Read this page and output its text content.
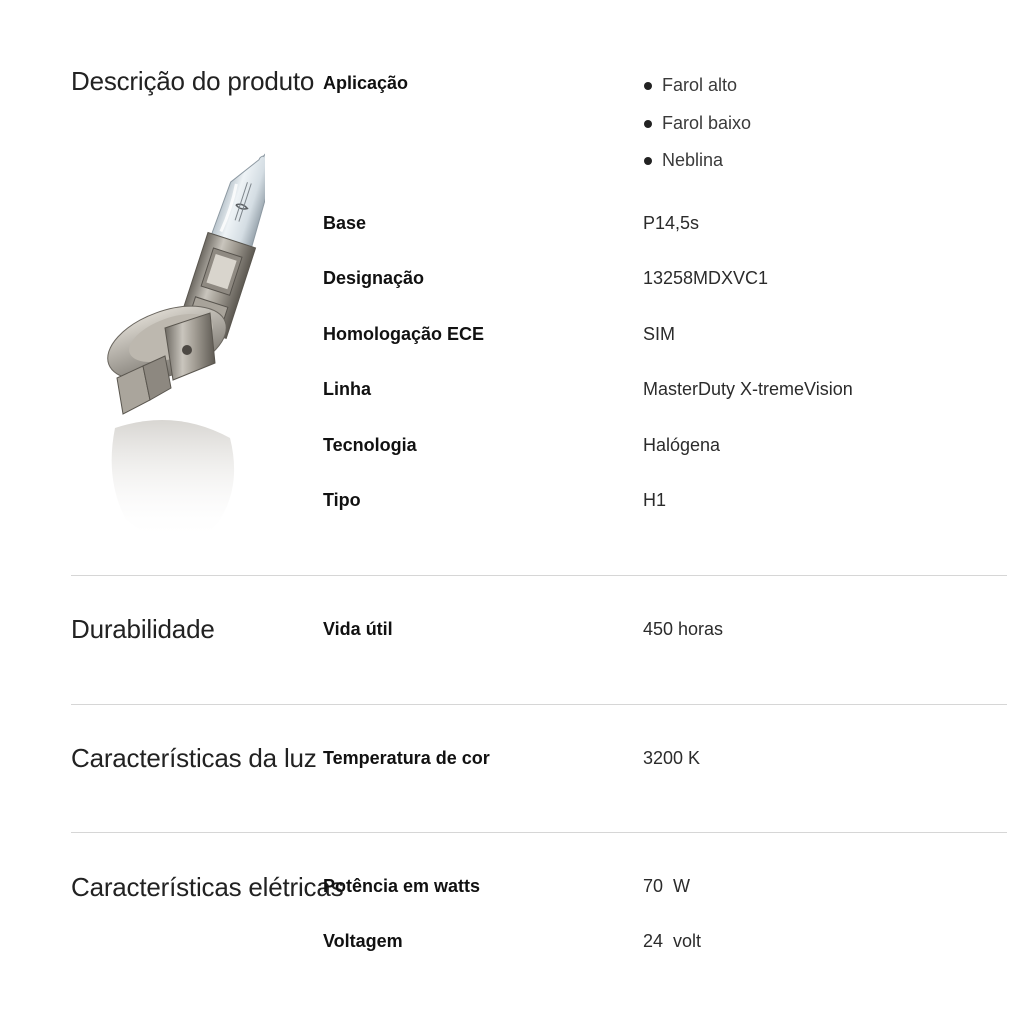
Descrição do produto Aplicação	Farol alto
Farol baixo
Neblina
Base	P14,5s
Designação	13258MDXVC1
Homologação ECE	SIM
Linha	MasterDuty X-tremeVision
Tecnologia	Halógena
Tipo	H1
Durabilidade	Vida útil	450 horas
Características da luz Temperatura de cor	3200 K
Características elétricas
Potência em watts	70  W
Voltagem	24  volt
